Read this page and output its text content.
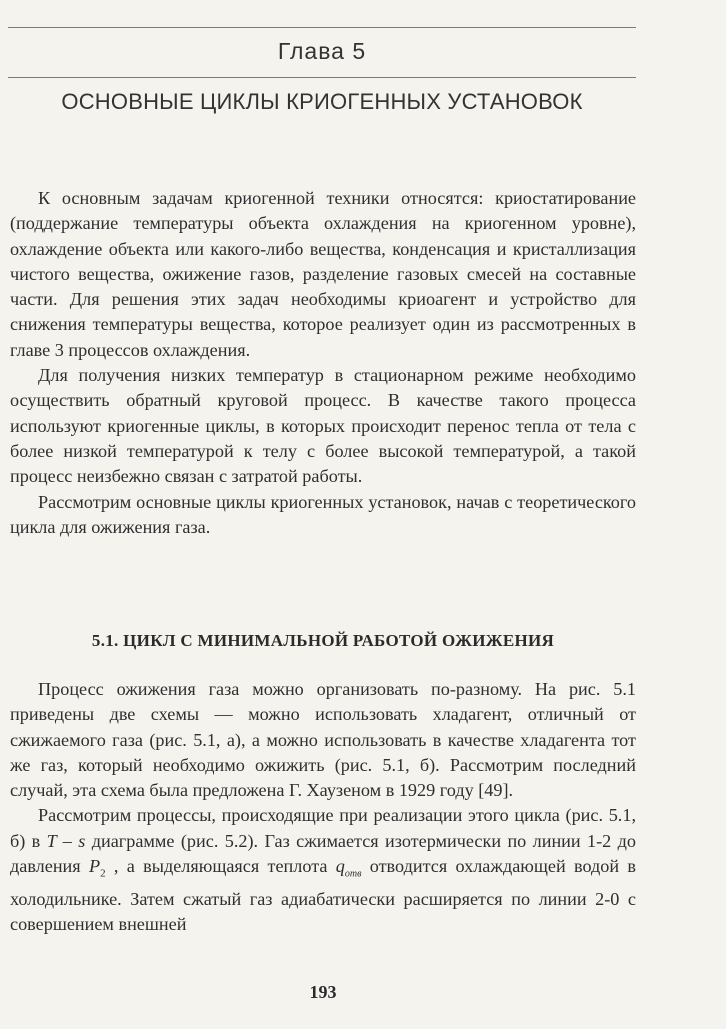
Глава 5
ОСНОВНЫЕ ЦИКЛЫ КРИОГЕННЫХ УСТАНОВОК

К основным задачам криогенной техники относятся: криостатирование (поддержание температуры объекта охлаждения на криогенном уровне), охлаждение объекта или какого-либо вещества, конденсация и кристаллизация чистого вещества, ожижение газов, разделение газовых смесей на составные части. Для решения этих задач необходимы криоагент и устройство для снижения температуры вещества, которое реализует один из рассмотренных в главе 3 процессов охлаждения.

Для получения низких температур в стационарном режиме необходимо осуществить обратный круговой процесс. В качестве такого процесса используют криогенные циклы, в которых происходит перенос тепла от тела с более низкой температурой к телу с более высокой температурой, а такой процесс неизбежно связан с затратой работы.

Рассмотрим основные циклы криогенных установок, начав с теоретического цикла для ожижения газа.

5.1. ЦИКЛ С МИНИМАЛЬНОЙ РАБОТОЙ ОЖИЖЕНИЯ

Процесс ожижения газа можно организовать по-разному. На рис. 5.1 приведены две схемы — можно использовать хладагент, отличный от сжижаемого газа (рис. 5.1, а), а можно использовать в качестве хладагента тот же газ, который необходимо ожижить (рис. 5.1, б). Рассмотрим последний случай, эта схема была предложена Г. Хаузеном в 1929 году [49].

Рассмотрим процессы, происходящие при реализации этого цикла (рис. 5.1, б) в T – s диаграмме (рис. 5.2). Газ сжимается изотермически по линии 1-2 до давления $P_2$ , а выделяющаяся теплота $q_{отв}$ отводится охлаждающей водой в холодильнике. Затем сжатый газ адиабатически расширяется по линии 2-0 с совершением внешней

193
